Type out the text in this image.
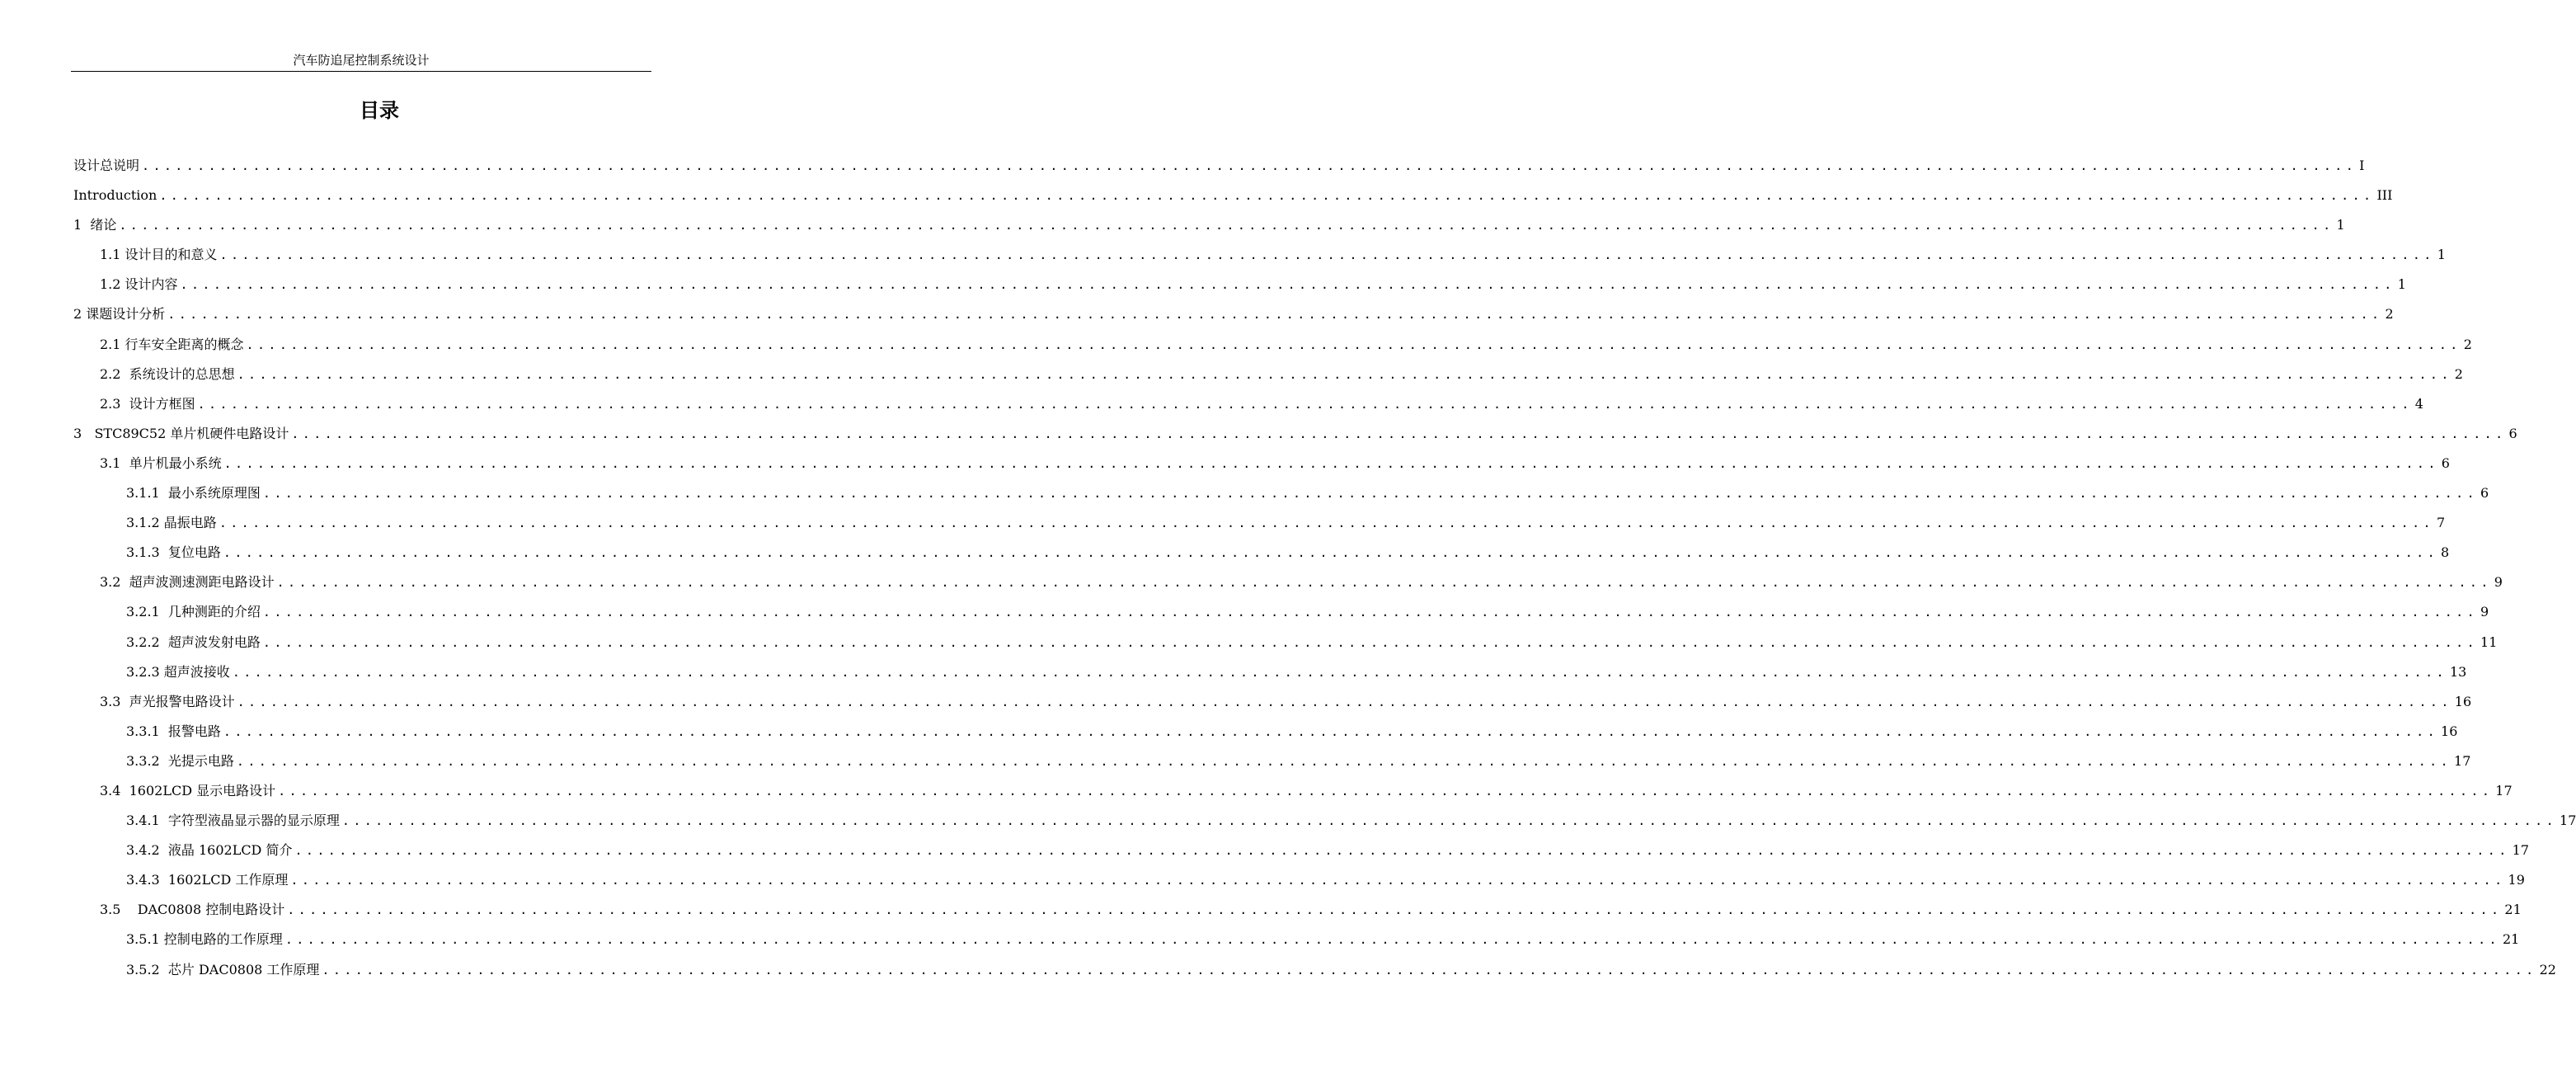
汽车防追尾控制系统设计
目录
设计总说明 ........................................................................................................................................................................................................ I
Introduction ........................................................................................................................................................................................................ III
1  绪论 ........................................................................................................................................................................................................ 1
1.1 设计目的和意义 ........................................................................................................................................................................................................ 1
1.2 设计内容 ........................................................................................................................................................................................................ 1
2 课题设计分析 ........................................................................................................................................................................................................ 2
2.1 行车安全距离的概念 ........................................................................................................................................................................................................ 2
2.2  系统设计的总思想 ........................................................................................................................................................................................................ 2
2.3  设计方框图 ........................................................................................................................................................................................................ 4
3   STC89C52 单片机硬件电路设计 ........................................................................................................................................................................................................ 6
3.1  单片机最小系统 ........................................................................................................................................................................................................ 6
3.1.1  最小系统原理图 ........................................................................................................................................................................................................ 6
3.1.2 晶振电路 ........................................................................................................................................................................................................ 7
3.1.3  复位电路 ........................................................................................................................................................................................................ 8
3.2  超声波测速测距电路设计 ........................................................................................................................................................................................................ 9
3.2.1  几种测距的介绍 ........................................................................................................................................................................................................ 9
3.2.2  超声波发射电路 ........................................................................................................................................................................................................ 11
3.2.3 超声波接收 ........................................................................................................................................................................................................ 13
3.3  声光报警电路设计 ........................................................................................................................................................................................................ 16
3.3.1  报警电路 ........................................................................................................................................................................................................ 16
3.3.2  光提示电路 ........................................................................................................................................................................................................ 17
3.4  1602LCD 显示电路设计 ........................................................................................................................................................................................................ 17
3.4.1  字符型液晶显示器的显示原理 ........................................................................................................................................................................................................ 17
3.4.2  液晶 1602LCD 简介 ........................................................................................................................................................................................................ 17
3.4.3  1602LCD 工作原理 ........................................................................................................................................................................................................ 19
3.5    DAC0808 控制电路设计 ........................................................................................................................................................................................................ 21
3.5.1 控制电路的工作原理 ........................................................................................................................................................................................................ 21
3.5.2  芯片 DAC0808 工作原理 ........................................................................................................................................................................................................ 22
